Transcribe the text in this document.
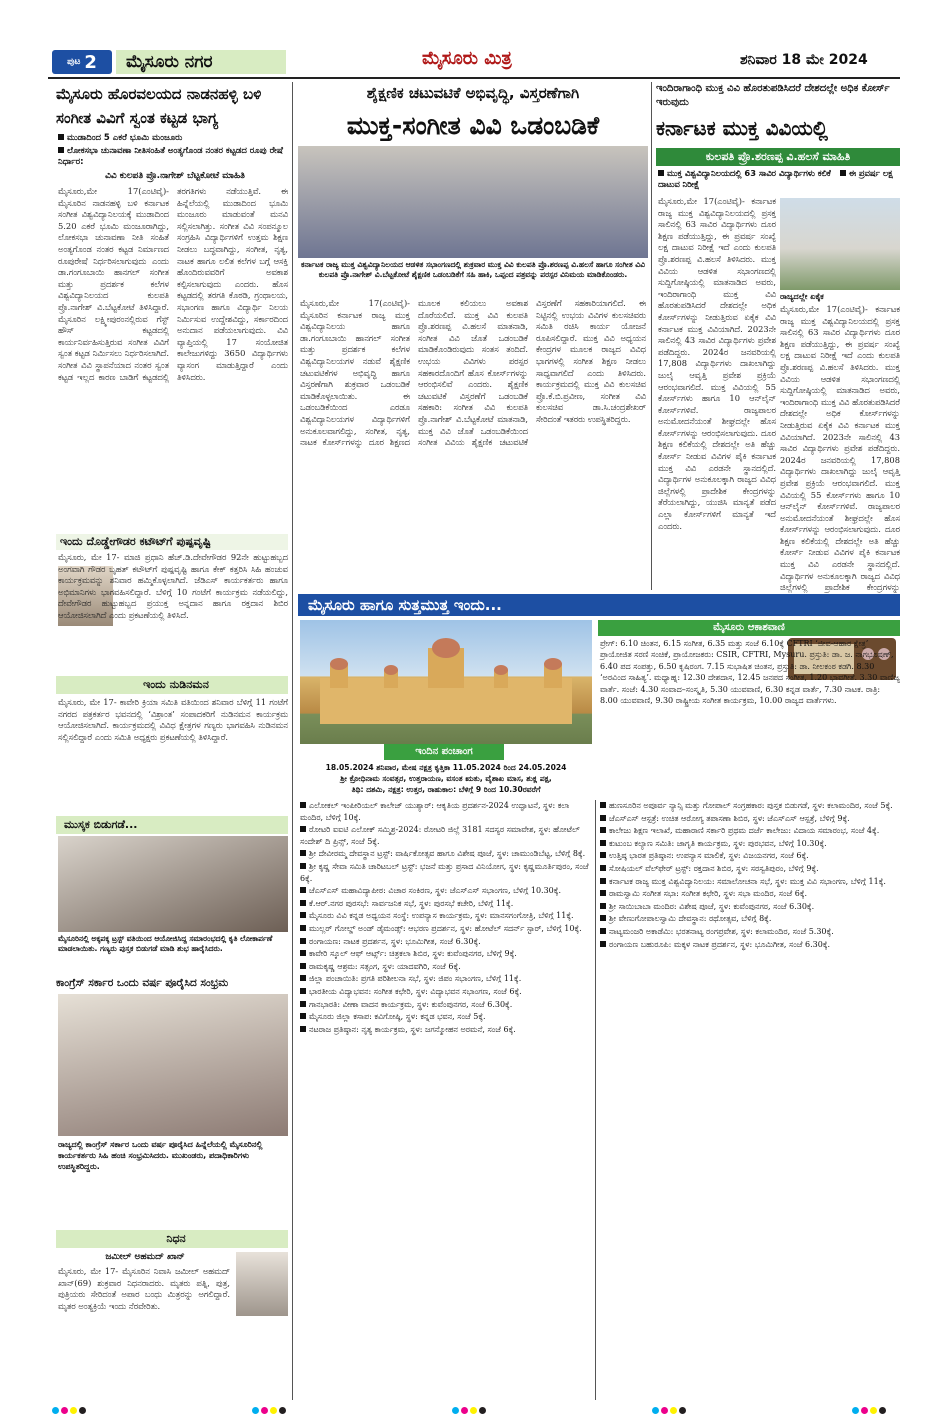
ಪುಟ 2	ಮೈಸೂರು ನಗರ	ಮೈಸೂರು ಮಿತ್ರ	ಶನಿವಾರ 18 ಮೇ 2024
ಮೈಸೂರು ಹೊರವಲಯದ ನಾಡನಹಳ್ಳಿ ಬಳಿ ಸಂಗೀತ ವಿವಿಗೆ ಸ್ವಂತ ಕಟ್ಟಡ ಭಾಗ್ಯ
ಮುಡಾದಿಂದ 5 ಎಕರೆ ಭೂಮಿ ಮಂಜೂರು
ಲೋಕಸಭಾ ಚುನಾವಣಾ ನೀತಿಸಂಹಿತೆ ಅಂತ್ಯಗೊಂಡ ನಂತರ ಕಟ್ಟಡದ ರೂಪು ರೇಷೆ ನಿರ್ಧಾರ:
ವಿವಿ ಕುಲಪತಿ ಪ್ರೊ.ನಾಗೇಶ್ ಬೆಟ್ಟಕೋಟೆ ಮಾಹಿತಿ
ಮೈಸೂರು,ಮೇ 17(ಎಂಟಿವೈ)- ಮೈಸೂರಿನ ನಾಡನಹಳ್ಳಿ ಬಳಿ ಕರ್ನಾಟಕ ಸಂಗೀತ ವಿಶ್ವವಿದ್ಯಾನಿಲಯಕ್ಕೆ ಮುಡಾದಿಂದ 5.20 ಎಕರೆ ಭೂಮಿ ಮಂಜೂರಾಗಿದ್ದು, ಲೋಕಸಭಾ ಚುನಾವಣಾ ನೀತಿ ಸಂಹಿತೆ ಅಂತ್ಯಗೊಂಡ ನಂತರ ಕಟ್ಟಡ ನಿರ್ಮಾಣದ ರೂಪುರೇಷೆ ನಿರ್ಧರಿಸಲಾಗುವುದು ಎಂದು ಡಾ.ಗಂಗೂಬಾಯಿ ಹಾನಗಲ್ ಸಂಗೀತ ಮತ್ತು ಪ್ರದರ್ಶಕ ಕಲೆಗಳ ವಿಶ್ವವಿದ್ಯಾನಿಲಯದ ಕುಲಪತಿ ಪ್ರೊ.ನಾಗೇಶ್ ವಿ.ಬೆಟ್ಟಕೋಟೆ ತಿಳಿಸಿದ್ದಾರೆ. ಮೈಸೂರಿನ ಲಕ್ಷ್ಮೀಪುರಂನಲ್ಲಿರುವ ಗೆಸ್ಟ್ ಹೌಸ್ ಕಟ್ಟಡದಲ್ಲಿ ಕಾರ್ಯನಿರ್ವಹಿಸುತ್ತಿರುವ ಸಂಗೀತ ವಿವಿಗೆ ಸ್ವಂತ ಕಟ್ಟಡ ನಿರ್ಮಿಸಲು ನಿರ್ಧರಿಸಲಾಗಿದೆ. ಸಂಗೀತ ವಿವಿ ಸ್ಥಾಪನೆಯಾದ ನಂತರ ಸ್ವಂತ ಕಟ್ಟಡ ಇಲ್ಲದ ಕಾರಣ ಬಾಡಿಗೆ ಕಟ್ಟಡದಲ್ಲಿ ತರಗತಿಗಳು ನಡೆಯುತ್ತಿವೆ. ಈ ಹಿನ್ನೆಲೆಯಲ್ಲಿ ಮುಡಾದಿಂದ ಭೂಮಿ ಮಂಜೂರು ಮಾಡುವಂತೆ ಮನವಿ ಸಲ್ಲಿಸಲಾಗಿತ್ತು. ಸಂಗೀತ ವಿವಿ ಸಂಪನ್ಮೂಲ ಸಂಗ್ರಹಿಸಿ ವಿದ್ಯಾರ್ಥಿಗಳಿಗೆ ಉತ್ತಮ ಶಿಕ್ಷಣ ನೀಡಲು ಬದ್ಧವಾಗಿದ್ದು, ಸಂಗೀತ, ನೃತ್ಯ, ನಾಟಕ ಹಾಗೂ ಲಲಿತ ಕಲೆಗಳ ಬಗ್ಗೆ ಆಸಕ್ತಿ ಹೊಂದಿರುವವರಿಗೆ ಅವಕಾಶ ಕಲ್ಪಿಸಲಾಗುವುದು ಎಂದರು. ಹೊಸ ಕಟ್ಟಡದಲ್ಲಿ ತರಗತಿ ಕೊಠಡಿ, ಗ್ರಂಥಾಲಯ, ಸಭಾಂಗಣ ಹಾಗೂ ವಿದ್ಯಾರ್ಥಿ ನಿಲಯ ನಿರ್ಮಿಸುವ ಉದ್ದೇಶವಿದ್ದು, ಸರ್ಕಾರದಿಂದ ಅನುದಾನ ಪಡೆಯಲಾಗುವುದು. ವಿವಿ ವ್ಯಾಪ್ತಿಯಲ್ಲಿ 17 ಸಂಯೋಜಿತ ಕಾಲೇಜುಗಳಿದ್ದು 3650 ವಿದ್ಯಾರ್ಥಿಗಳು ವ್ಯಾಸಂಗ ಮಾಡುತ್ತಿದ್ದಾರೆ ಎಂದು ತಿಳಿಸಿದರು.
ಇಂದು ದೊಡ್ಡೇಗೌಡರ ಕಟೌಟ್‍ಗೆ ಪುಷ್ಪವೃಷ್ಟಿ
ಮೈಸೂರು, ಮೇ 17- ಮಾಜಿ ಪ್ರಧಾನಿ ಹೆಚ್.ಡಿ.ದೇವೇಗೌಡರ 92ನೇ ಹುಟ್ಟುಹಬ್ಬದ ಅಂಗವಾಗಿ ಗೌಡರ ಬೃಹತ್ ಕಟೌಟ್‍ಗೆ ಪುಷ್ಪವೃಷ್ಟಿ ಹಾಗೂ ಕೇಕ್ ಕತ್ತರಿಸಿ ಸಿಹಿ ಹಂಚುವ ಕಾರ್ಯಕ್ರಮವನ್ನು ಶನಿವಾರ ಹಮ್ಮಿಕೊಳ್ಳಲಾಗಿದೆ. ಜೆಡಿಎಸ್ ಕಾರ್ಯಕರ್ತರು ಹಾಗೂ ಅಭಿಮಾನಿಗಳು ಭಾಗವಹಿಸಲಿದ್ದಾರೆ. ಬೆಳಿಗ್ಗೆ 10 ಗಂಟೆಗೆ ಕಾರ್ಯಕ್ರಮ ನಡೆಯಲಿದ್ದು, ದೇವೇಗೌಡರ ಹುಟ್ಟುಹಬ್ಬದ ಪ್ರಯುಕ್ತ ಅನ್ನದಾನ ಹಾಗೂ ರಕ್ತದಾನ ಶಿಬಿರ ಆಯೋಜಿಸಲಾಗಿದೆ ಎಂದು ಪ್ರಕಟಣೆಯಲ್ಲಿ ತಿಳಿಸಿದೆ.
ಇಂದು ನುಡಿನಮನ
ಮೈಸೂರು, ಮೇ 17- ಕಾವೇರಿ ಕ್ರಿಯಾ ಸಮಿತಿ ವತಿಯಿಂದ ಶನಿವಾರ ಬೆಳಿಗ್ಗೆ 11 ಗಂಟೆಗೆ ನಗರದ ಪತ್ರಕರ್ತರ ಭವನದಲ್ಲಿ ‘ವಿಶ್ರಾಂತ’ ಸಂಪಾದಕರಿಗೆ ನುಡಿನಮನ ಕಾರ್ಯಕ್ರಮ ಆಯೋಜಿಸಲಾಗಿದೆ. ಕಾರ್ಯಕ್ರಮದಲ್ಲಿ ವಿವಿಧ ಕ್ಷೇತ್ರಗಳ ಗಣ್ಯರು ಭಾಗವಹಿಸಿ ನುಡಿನಮನ ಸಲ್ಲಿಸಲಿದ್ದಾರೆ ಎಂದು ಸಮಿತಿ ಅಧ್ಯಕ್ಷರು ಪ್ರಕಟಣೆಯಲ್ಲಿ ತಿಳಿಸಿದ್ದಾರೆ.
ಮುಸ್ಕಕ ಬಿಡುಗಡೆ...
ಮೈಸೂರಿನಲ್ಲಿ ಅಕ್ಕಪಕ್ಕ ಟ್ರಸ್ಟ್ ವತಿಯಿಂದ ಆಯೋಜಿಸಿದ್ದ ಸಮಾರಂಭದಲ್ಲಿ ಕೃತಿ ಲೋಕಾರ್ಪಣೆ ಮಾಡಲಾಯಿತು. ಗಣ್ಯರು ಪುಸ್ತಕ ಬಿಡುಗಡೆ ಮಾಡಿ ಶುಭ ಹಾರೈಸಿದರು.
ಕಾಂಗ್ರೆಸ್ ಸರ್ಕಾರ ಒಂದು ವರ್ಷ ಪೂರೈಸಿದ ಸಂಭ್ರಮ
ರಾಜ್ಯದಲ್ಲಿ ಕಾಂಗ್ರೆಸ್ ಸರ್ಕಾರ ಒಂದು ವರ್ಷ ಪೂರೈಸಿದ ಹಿನ್ನೆಲೆಯಲ್ಲಿ ಮೈಸೂರಿನಲ್ಲಿ ಕಾರ್ಯಕರ್ತರು ಸಿಹಿ ಹಂಚಿ ಸಂಭ್ರಮಿಸಿದರು. ಮುಖಂಡರು, ಪದಾಧಿಕಾರಿಗಳು ಉಪಸ್ಥಿತರಿದ್ದರು.
ನಿಧನ
ಜಮೀಲ್ ಅಹಮದ್ ಖಾನ್
ಮೈಸೂರು, ಮೇ 17- ಮೈಸೂರಿನ ನಿವಾಸಿ ಜಮೀಲ್ ಅಹಮದ್ ಖಾನ್(69) ಶುಕ್ರವಾರ ನಿಧನರಾದರು. ಮೃತರು ಪತ್ನಿ, ಪುತ್ರ, ಪುತ್ರಿಯರು ಸೇರಿದಂತೆ ಅಪಾರ ಬಂಧು ಮಿತ್ರರನ್ನು ಅಗಲಿದ್ದಾರೆ. ಮೃತರ ಅಂತ್ಯಕ್ರಿಯೆ ಇಂದು ನೆರವೇರಿತು.
ಶೈಕ್ಷಣಿಕ ಚಟುವಟಿಕೆ ಅಭಿವೃದ್ಧಿ, ವಿಸ್ತರಣೆಗಾಗಿ
ಮುಕ್ತ-ಸಂಗೀತ ವಿವಿ ಒಡಂಬಡಿಕೆ
ಕರ್ನಾಟಕ ರಾಜ್ಯ ಮುಕ್ತ ವಿಶ್ವವಿದ್ಯಾನಿಲಯದ ಆಡಳಿತ ಸಭಾಂಗಣದಲ್ಲಿ ಶುಕ್ರವಾರ ಮುಕ್ತ ವಿವಿ ಕುಲಪತಿ ಪ್ರೊ.ಶರಣಪ್ಪ ವಿ.ಹಲಸೆ ಹಾಗೂ ಸಂಗೀತ ವಿವಿ ಕುಲಪತಿ ಪ್ರೊ.ನಾಗೇಶ್ ವಿ.ಬೆಟ್ಟಕೋಟೆ ಶೈಕ್ಷಣಿಕ ಒಡಂಬಡಿಕೆಗೆ ಸಹಿ ಹಾಕಿ, ಒಪ್ಪಂದ ಪತ್ರವನ್ನು ಪರಸ್ಪರ ವಿನಿಮಯ ಮಾಡಿಕೊಂಡರು.
ಮೈಸೂರು,ಮೇ 17(ಎಂಟಿವೈ)- ಮೈಸೂರಿನ ಕರ್ನಾಟಕ ರಾಜ್ಯ ಮುಕ್ತ ವಿಶ್ವವಿದ್ಯಾನಿಲಯ ಹಾಗೂ ಡಾ.ಗಂಗೂಬಾಯಿ ಹಾನಗಲ್ ಸಂಗೀತ ಮತ್ತು ಪ್ರದರ್ಶಕ ಕಲೆಗಳ ವಿಶ್ವವಿದ್ಯಾನಿಲಯಗಳ ನಡುವೆ ಶೈಕ್ಷಣಿಕ ಚಟುವಟಿಕೆಗಳ ಅಭಿವೃದ್ಧಿ ಹಾಗೂ ವಿಸ್ತರಣೆಗಾಗಿ ಶುಕ್ರವಾರ ಒಡಂಬಡಿಕೆ ಮಾಡಿಕೊಳ್ಳಲಾಯಿತು. ಈ ಒಡಂಬಡಿಕೆಯಿಂದ ಎರಡೂ ವಿಶ್ವವಿದ್ಯಾನಿಲಯಗಳ ವಿದ್ಯಾರ್ಥಿಗಳಿಗೆ ಅನುಕೂಲವಾಗಲಿದ್ದು, ಸಂಗೀತ, ನೃತ್ಯ, ನಾಟಕ ಕೋರ್ಸ್‍ಗಳನ್ನು ದೂರ ಶಿಕ್ಷಣದ ಮೂಲಕ ಕಲಿಯಲು ಅವಕಾಶ ದೊರೆಯಲಿದೆ. ಮುಕ್ತ ವಿವಿ ಕುಲಪತಿ ಪ್ರೊ.ಶರಣಪ್ಪ ವಿ.ಹಲಸೆ ಮಾತನಾಡಿ, ಸಂಗೀತ ವಿವಿ ಜೊತೆ ಒಡಂಬಡಿಕೆ ಮಾಡಿಕೊಂಡಿರುವುದು ಸಂತಸ ತಂದಿದೆ. ಉಭಯ ವಿವಿಗಳು ಪರಸ್ಪರ ಸಹಕಾರದೊಂದಿಗೆ ಹೊಸ ಕೋರ್ಸ್‍ಗಳನ್ನು ಆರಂಭಿಸಲಿವೆ ಎಂದರು. ಶೈಕ್ಷಣಿಕ ಚಟುವಟಿಕೆ ವಿಸ್ತರಣೆಗೆ ಒಡಂಬಡಿಕೆ ಸಹಕಾರಿ: ಸಂಗೀತ ವಿವಿ ಕುಲಪತಿ ಪ್ರೊ.ನಾಗೇಶ್ ವಿ.ಬೆಟ್ಟಕೋಟೆ ಮಾತನಾಡಿ, ಮುಕ್ತ ವಿವಿ ಜೊತೆ ಒಡಂಬಡಿಕೆಯಿಂದ ಸಂಗೀತ ವಿವಿಯ ಶೈಕ್ಷಣಿಕ ಚಟುವಟಿಕೆ ವಿಸ್ತರಣೆಗೆ ಸಹಕಾರಿಯಾಗಲಿದೆ. ಈ ನಿಟ್ಟಿನಲ್ಲಿ ಉಭಯ ವಿವಿಗಳ ಕುಲಸಚಿವರು ಸಮಿತಿ ರಚಿಸಿ ಕಾರ್ಯ ಯೋಜನೆ ರೂಪಿಸಲಿದ್ದಾರೆ. ಮುಕ್ತ ವಿವಿ ಅಧ್ಯಯನ ಕೇಂದ್ರಗಳ ಮೂಲಕ ರಾಜ್ಯದ ವಿವಿಧ ಭಾಗಗಳಲ್ಲಿ ಸಂಗೀತ ಶಿಕ್ಷಣ ನೀಡಲು ಸಾಧ್ಯವಾಗಲಿದೆ ಎಂದು ತಿಳಿಸಿದರು. ಕಾರ್ಯಕ್ರಮದಲ್ಲಿ ಮುಕ್ತ ವಿವಿ ಕುಲಸಚಿವ ಪ್ರೊ.ಕೆ.ಬಿ.ಪ್ರವೀಣ, ಸಂಗೀತ ವಿವಿ ಕುಲಸಚಿವ ಡಾ.ಸಿ.ಚಂದ್ರಶೇಖರ್ ಸೇರಿದಂತೆ ಇತರರು ಉಪಸ್ಥಿತರಿದ್ದರು.
ಇಂದಿರಾಗಾಂಧಿ ಮುಕ್ತ ವಿವಿ ಹೊರತುಪಡಿಸಿದರೆ ದೇಶದಲ್ಲೇ ಅಧಿಕ ಕೋರ್ಸ್ ಇರುವುದು
ಕರ್ನಾಟಕ ಮುಕ್ತ ವಿವಿಯಲ್ಲಿ
ಕುಲಪತಿ ಪ್ರೊ.ಶರಣಪ್ಪ ವಿ.ಹಲಸೆ ಮಾಹಿತಿ
ಮುಕ್ತ ವಿಶ್ವವಿದ್ಯಾನಿಲಯದಲ್ಲಿ 63 ಸಾವಿರ ವಿದ್ಯಾರ್ಥಿಗಳು ಕಲಿಕೆ ಈ ಪ್ರವರ್ಷ ಲಕ್ಷ ದಾಟುವ ನಿರೀಕ್ಷೆ
ಮೈಸೂರು,ಮೇ 17(ಎಂಟಿವೈ)- ಕರ್ನಾಟಕ ರಾಜ್ಯ ಮುಕ್ತ ವಿಶ್ವವಿದ್ಯಾನಿಲಯದಲ್ಲಿ ಪ್ರಸಕ್ತ ಸಾಲಿನಲ್ಲಿ 63 ಸಾವಿರ ವಿದ್ಯಾರ್ಥಿಗಳು ದೂರ ಶಿಕ್ಷಣ ಪಡೆಯುತ್ತಿದ್ದು, ಈ ಪ್ರವರ್ಷ ಸಂಖ್ಯೆ ಲಕ್ಷ ದಾಟುವ ನಿರೀಕ್ಷೆ ಇದೆ ಎಂದು ಕುಲಪತಿ ಪ್ರೊ.ಶರಣಪ್ಪ ವಿ.ಹಲಸೆ ತಿಳಿಸಿದರು. ಮುಕ್ತ ವಿವಿಯ ಆಡಳಿತ ಸಭಾಂಗಣದಲ್ಲಿ ಸುದ್ದಿಗೋಷ್ಠಿಯಲ್ಲಿ ಮಾತನಾಡಿದ ಅವರು, ಇಂದಿರಾಗಾಂಧಿ ಮುಕ್ತ ವಿವಿ ಹೊರತುಪಡಿಸಿದರೆ ದೇಶದಲ್ಲೇ ಅಧಿಕ ಕೋರ್ಸ್‍ಗಳನ್ನು ನೀಡುತ್ತಿರುವ ಏಕೈಕ ವಿವಿ ಕರ್ನಾಟಕ ಮುಕ್ತ ವಿವಿಯಾಗಿದೆ. 2023ನೇ ಸಾಲಿನಲ್ಲಿ 43 ಸಾವಿರ ವಿದ್ಯಾರ್ಥಿಗಳು ಪ್ರವೇಶ ಪಡೆದಿದ್ದರು. 2024ರ ಜನವರಿಯಲ್ಲಿ 17,808 ವಿದ್ಯಾರ್ಥಿಗಳು ದಾಖಲಾಗಿದ್ದು ಜುಲೈ ಆವೃತ್ತಿ ಪ್ರವೇಶ ಪ್ರಕ್ರಿಯೆ ಆರಂಭವಾಗಲಿದೆ. ಮುಕ್ತ ವಿವಿಯಲ್ಲಿ 55 ಕೋರ್ಸ್‍ಗಳು ಹಾಗೂ 10 ಆನ್‍ಲೈನ್ ಕೋರ್ಸ್‍ಗಳಿವೆ. ರಾಜ್ಯಪಾಲರ ಅನುಮೋದನೆಯಂತೆ ಶೀಘ್ರದಲ್ಲೇ ಹೊಸ ಕೋರ್ಸ್‍ಗಳನ್ನು ಆರಂಭಿಸಲಾಗುವುದು. ದೂರ ಶಿಕ್ಷಣ ಕಲಿಕೆಯಲ್ಲಿ ದೇಶದಲ್ಲೇ ಅತಿ ಹೆಚ್ಚು ಕೋರ್ಸ್ ನೀಡುವ ವಿವಿಗಳ ಪೈಕಿ ಕರ್ನಾಟಕ ಮುಕ್ತ ವಿವಿ ಎರಡನೇ ಸ್ಥಾನದಲ್ಲಿದೆ. ವಿದ್ಯಾರ್ಥಿಗಳ ಅನುಕೂಲಕ್ಕಾಗಿ ರಾಜ್ಯದ ವಿವಿಧ ಜಿಲ್ಲೆಗಳಲ್ಲಿ ಪ್ರಾದೇಶಿಕ ಕೇಂದ್ರಗಳನ್ನು ತೆರೆಯಲಾಗಿದ್ದು, ಯುಜಿಸಿ ಮಾನ್ಯತೆ ಪಡೆದ ಎಲ್ಲಾ ಕೋರ್ಸ್‍ಗಳಿಗೆ ಮಾನ್ಯತೆ ಇದೆ ಎಂದರು.
ರಾಜ್ಯದಲ್ಲೇ ಏಕೈಕ
ಮೈಸೂರು,ಮೇ 17(ಎಂಟಿವೈ)- ಕರ್ನಾಟಕ ರಾಜ್ಯ ಮುಕ್ತ ವಿಶ್ವವಿದ್ಯಾನಿಲಯದಲ್ಲಿ ಪ್ರಸಕ್ತ ಸಾಲಿನಲ್ಲಿ 63 ಸಾವಿರ ವಿದ್ಯಾರ್ಥಿಗಳು ದೂರ ಶಿಕ್ಷಣ ಪಡೆಯುತ್ತಿದ್ದು, ಈ ಪ್ರವರ್ಷ ಸಂಖ್ಯೆ ಲಕ್ಷ ದಾಟುವ ನಿರೀಕ್ಷೆ ಇದೆ ಎಂದು ಕುಲಪತಿ ಪ್ರೊ.ಶರಣಪ್ಪ ವಿ.ಹಲಸೆ ತಿಳಿಸಿದರು. ಮುಕ್ತ ವಿವಿಯ ಆಡಳಿತ ಸಭಾಂಗಣದಲ್ಲಿ ಸುದ್ದಿಗೋಷ್ಠಿಯಲ್ಲಿ ಮಾತನಾಡಿದ ಅವರು, ಇಂದಿರಾಗಾಂಧಿ ಮುಕ್ತ ವಿವಿ ಹೊರತುಪಡಿಸಿದರೆ ದೇಶದಲ್ಲೇ ಅಧಿಕ ಕೋರ್ಸ್‍ಗಳನ್ನು ನೀಡುತ್ತಿರುವ ಏಕೈಕ ವಿವಿ ಕರ್ನಾಟಕ ಮುಕ್ತ ವಿವಿಯಾಗಿದೆ. 2023ನೇ ಸಾಲಿನಲ್ಲಿ 43 ಸಾವಿರ ವಿದ್ಯಾರ್ಥಿಗಳು ಪ್ರವೇಶ ಪಡೆದಿದ್ದರು. 2024ರ ಜನವರಿಯಲ್ಲಿ 17,808 ವಿದ್ಯಾರ್ಥಿಗಳು ದಾಖಲಾಗಿದ್ದು ಜುಲೈ ಆವೃತ್ತಿ ಪ್ರವೇಶ ಪ್ರಕ್ರಿಯೆ ಆರಂಭವಾಗಲಿದೆ. ಮುಕ್ತ ವಿವಿಯಲ್ಲಿ 55 ಕೋರ್ಸ್‍ಗಳು ಹಾಗೂ 10 ಆನ್‍ಲೈನ್ ಕೋರ್ಸ್‍ಗಳಿವೆ. ರಾಜ್ಯಪಾಲರ ಅನುಮೋದನೆಯಂತೆ ಶೀಘ್ರದಲ್ಲೇ ಹೊಸ ಕೋರ್ಸ್‍ಗಳನ್ನು ಆರಂಭಿಸಲಾಗುವುದು. ದೂರ ಶಿಕ್ಷಣ ಕಲಿಕೆಯಲ್ಲಿ ದೇಶದಲ್ಲೇ ಅತಿ ಹೆಚ್ಚು ಕೋರ್ಸ್ ನೀಡುವ ವಿವಿಗಳ ಪೈಕಿ ಕರ್ನಾಟಕ ಮುಕ್ತ ವಿವಿ ಎರಡನೇ ಸ್ಥಾನದಲ್ಲಿದೆ. ವಿದ್ಯಾರ್ಥಿಗಳ ಅನುಕೂಲಕ್ಕಾಗಿ ರಾಜ್ಯದ ವಿವಿಧ ಜಿಲ್ಲೆಗಳಲ್ಲಿ ಪ್ರಾದೇಶಿಕ ಕೇಂದ್ರಗಳನ್ನು
ಮೈಸೂರು ಹಾಗೂ ಸುತ್ತಮುತ್ತ ಇಂದು...
ಇಂದಿನ ಪಂಚಾಂಗ
18.05.2024 ಶನಿವಾರ, ಮೇಷ ನಕ್ಷತ್ರ ಕೃತ್ತಿಕಾ 11.05.2024 ರಿಂದ 24.05.2024
ಶ್ರೀ ಕ್ರೋಧಿನಾಮ ಸಂವತ್ಸರ, ಉತ್ತರಾಯಣ, ವಸಂತ ಋತು, ವೈಶಾಖ ಮಾಸ, ಶುಕ್ಲ ಪಕ್ಷ,
ತಿಥಿ: ದಶಮಿ, ನಕ್ಷತ್ರ: ಉತ್ತರ, ರಾಹುಕಾಲ: ಬೆಳಿಗ್ಗೆ 9 ರಿಂದ 10.30ರವರೆಗೆ
ಮೈಸೂರು ಆಕಾಶವಾಣಿ
ಪ್ರೇಗ್: 6.10 ಚಿಂತನ, 6.15 ಸಂಗೀತ, 6.35 ಮತ್ತು ಸಂಜೆ 6.10ಕ್ಕೆ CFTRI ‘ಜೀವ-ಆಹಾರ ಕ್ಷೇತ್ರ’ ಪ್ರಾಯೋಜಿತ ಸರಣಿ ಸಂಚಿಕೆ, ಪ್ರಾಯೋಜಕರು: CSIR, CFTRI, Mysuru. ಪ್ರಸ್ತುತಿ: ಡಾ. ಜ. ನಾಗಭೂಷಣ್, 6.40 ಪದ ಸಂಪತ್ತು, 6.50 ಕೃಷಿರಂಗ. 7.15 ಸುಭಾಷಿತ ಚಿಂತನ, ಪ್ರಸ್ತುತಿ: ಡಾ. ನೀಲಕಂಠ ಕಡಗಿ. 8.30 ‘ಅರವಿಂದ ಸಾಹಿತ್ಯ’. ಮಧ್ಯಾಹ್ನ: 12.30 ದೇಶದಾಸ, 12.45 ಜನಪದ ಸಂಗೀತ, 1.20 ಭಾವಗೀತೆ. 3.30 ವಾಣಿಜ್ಯ ವಾರ್ತೆ. ಸಂಜೆ: 4.30 ಸಂವಾದ–ಸಂಸ್ಕೃತಿ, 5.30 ಯುವವಾಣಿ, 6.30 ಕನ್ನಡ ವಾರ್ತೆ, 7.30 ನಾಟಕ. ರಾತ್ರಿ: 8.00 ಯುವವಾಣಿ, 9.30 ರಾಷ್ಟ್ರೀಯ ಸಂಗೀತ ಕಾರ್ಯಕ್ರಮ, 10.00 ರಾಜ್ಯದ ವಾರ್ತೆಗಳು.
ಎಲೋಕಲ್ ಇಂಪೀರಿಯಲ್ ಕಾಲೇಜ್ ಯುಶ್ಯಾರ್: ಆಕೃತಿಯ ಪ್ರದರ್ಶನ-2024 ಉದ್ಘಾಟನೆ, ಸ್ಥಳ: ಕಲಾ ಮಂದಿರ, ಬೆಳಿಗ್ಗೆ 10ಕ್ಕೆ.
ರೋಟರಿ ಐಐಟಿ ಎಲೋಕ್ ಸಮ್ಮಿಶ್ರ-2024: ರೋಟರಿ ಜಿಲ್ಲೆ 3181 ಸದಸ್ಯರ ಸಮಾವೇಶ, ಸ್ಥಳ: ಹೋಟೆಲ್ ಸಂದೇಶ್ ದಿ ಪ್ರಿನ್ಸ್, ಸಂಜೆ 5ಕ್ಕೆ.
ಶ್ರೀ ದೇವೀರಮ್ಮ ದೇವಸ್ಥಾನ ಟ್ರಸ್ಟ್: ವಾರ್ಷಿಕೋತ್ಸವ ಹಾಗೂ ವಿಶೇಷ ಪೂಜೆ, ಸ್ಥಳ: ಚಾಮುಂಡಿಬೆಟ್ಟ, ಬೆಳಿಗ್ಗೆ 8ಕ್ಕೆ.
ಶ್ರೀ ಕೃಷ್ಣ ಸೇವಾ ಸಮಿತಿ ಚಾರಿಟಬಲ್ ಟ್ರಸ್ಟ್: ಭಜನೆ ಮತ್ತು ಪ್ರಸಾದ ವಿನಿಯೋಗ, ಸ್ಥಳ: ಕೃಷ್ಣಮೂರ್ತಿಪುರಂ, ಸಂಜೆ 6ಕ್ಕೆ.
ಜೆಎಸ್‍ಎಸ್ ಮಹಾವಿದ್ಯಾಪೀಠ: ವಿಚಾರ ಸಂಕಿರಣ, ಸ್ಥಳ: ಜೆಎಸ್‍ಎಸ್ ಸಭಾಂಗಣ, ಬೆಳಿಗ್ಗೆ 10.30ಕ್ಕೆ.
ಕೆ.ಆರ್.ನಗರ ಪುರಸಭೆ: ಸಾರ್ವಜನಿಕ ಸಭೆ, ಸ್ಥಳ: ಪುರಸಭೆ ಕಚೇರಿ, ಬೆಳಿಗ್ಗೆ 11ಕ್ಕೆ.
ಮೈಸೂರು ವಿವಿ ಕನ್ನಡ ಅಧ್ಯಯನ ಸಂಸ್ಥೆ: ಉಪನ್ಯಾಸ ಕಾರ್ಯಕ್ರಮ, ಸ್ಥಳ: ಮಾನಸಗಂಗೋತ್ರಿ, ಬೆಳಿಗ್ಗೆ 11ಕ್ಕೆ.
ಮುಲ್ಲರ್ ಗೋಲ್ಡ್ ಅಂಡ್ ಡೈಮಂಡ್ಸ್: ಆಭರಣ ಪ್ರದರ್ಶನ, ಸ್ಥಳ: ಹೋಟೆಲ್ ಸದರ್ನ್ ಸ್ಟಾರ್, ಬೆಳಿಗ್ಗೆ 10ಕ್ಕೆ.
ರಂಗಾಯಣ: ನಾಟಕ ಪ್ರದರ್ಶನ, ಸ್ಥಳ: ಭೂಮಿಗೀತ, ಸಂಜೆ 6.30ಕ್ಕೆ.
ಕಾವೇರಿ ಸ್ಕೂಲ್ ಆಫ್ ಆರ್ಟ್ಸ್: ಚಿತ್ರಕಲಾ ಶಿಬಿರ, ಸ್ಥಳ: ಕುವೆಂಪುನಗರ, ಬೆಳಿಗ್ಗೆ 9ಕ್ಕೆ.
ರಾಮಕೃಷ್ಣ ಆಶ್ರಮ: ಸತ್ಸಂಗ, ಸ್ಥಳ: ಯಾದವಗಿರಿ, ಸಂಜೆ 6ಕ್ಕೆ.
ಜಿಲ್ಲಾ ಪಂಚಾಯಿತಿ: ಪ್ರಗತಿ ಪರಿಶೀಲನಾ ಸಭೆ, ಸ್ಥಳ: ಜಿಪಂ ಸಭಾಂಗಣ, ಬೆಳಿಗ್ಗೆ 11ಕ್ಕೆ.
ಭಾರತೀಯ ವಿದ್ಯಾಭವನ: ಸಂಗೀತ ಕಛೇರಿ, ಸ್ಥಳ: ವಿದ್ಯಾಭವನ ಸಭಾಂಗಣ, ಸಂಜೆ 6ಕ್ಕೆ.
ಗಾನಭಾರತಿ: ವೀಣಾ ವಾದನ ಕಾರ್ಯಕ್ರಮ, ಸ್ಥಳ: ಕುವೆಂಪುನಗರ, ಸಂಜೆ 6.30ಕ್ಕೆ.
ಮೈಸೂರು ಜಿಲ್ಲಾ ಕಸಾಪ: ಕವಿಗೋಷ್ಠಿ, ಸ್ಥಳ: ಕನ್ನಡ ಭವನ, ಸಂಜೆ 5ಕ್ಕೆ.
ನಟರಾಜ ಪ್ರತಿಷ್ಠಾನ: ನೃತ್ಯ ಕಾರ್ಯಕ್ರಮ, ಸ್ಥಳ: ಜಗನ್ಮೋಹನ ಅರಮನೆ, ಸಂಜೆ 6ಕ್ಕೆ.
ಹುಣಸೂರಿನ ಅಪೂರ್ವ ನ್ಯಾನ್ಸಿ ಮತ್ತು ಗೋಪಾಲ್ ಸಂಗ್ರಹಕಾರ: ಪುಸ್ತಕ ಬಿಡುಗಡೆ, ಸ್ಥಳ: ಕಲಾಮಂದಿರ, ಸಂಜೆ 5ಕ್ಕೆ.
ಜೆಎಸ್‍ಎಸ್ ಆಸ್ಪತ್ರೆ: ಉಚಿತ ಆರೋಗ್ಯ ತಪಾಸಣಾ ಶಿಬಿರ, ಸ್ಥಳ: ಜೆಎಸ್‍ಎಸ್ ಆಸ್ಪತ್ರೆ, ಬೆಳಿಗ್ಗೆ 9ಕ್ಕೆ.
ಕಾಲೇಜು ಶಿಕ್ಷಣ ಇಲಾಖೆ, ಮಹಾರಾಣಿ ಸರ್ಕಾರಿ ಪ್ರಥಮ ದರ್ಜೆ ಕಾಲೇಜು: ವಿದಾಯ ಸಮಾರಂಭ, ಸಂಜೆ 4ಕ್ಕೆ.
ಕುಟುಂಬ ಕಲ್ಯಾಣ ಸಮಿತಿ: ಜಾಗೃತಿ ಕಾರ್ಯಕ್ರಮ, ಸ್ಥಳ: ಪುರಭವನ, ಬೆಳಿಗ್ಗೆ 10.30ಕ್ಕೆ.
ಉತ್ತಿಷ್ಠ ಭಾರತ ಪ್ರತಿಷ್ಠಾನ: ಉಪನ್ಯಾಸ ಮಾಲಿಕೆ, ಸ್ಥಳ: ವಿಜಯನಗರ, ಸಂಜೆ 6ಕ್ಕೆ.
ಸೋಷಿಯಲ್ ವೆಲ್‍ಫೇರ್ ಟ್ರಸ್ಟ್: ರಕ್ತದಾನ ಶಿಬಿರ, ಸ್ಥಳ: ಸರಸ್ವತಿಪುರಂ, ಬೆಳಿಗ್ಗೆ 9ಕ್ಕೆ.
ಕರ್ನಾಟಕ ರಾಜ್ಯ ಮುಕ್ತ ವಿಶ್ವವಿದ್ಯಾನಿಲಯ: ಸಮಾಲೋಚನಾ ಸಭೆ, ಸ್ಥಳ: ಮುಕ್ತ ವಿವಿ ಸಭಾಂಗಣ, ಬೆಳಿಗ್ಗೆ 11ಕ್ಕೆ.
ರಾಮಸ್ವಾಮಿ ಸಂಗೀತ ಸಭಾ: ಸಂಗೀತ ಕಛೇರಿ, ಸ್ಥಳ: ಸಭಾ ಮಂದಿರ, ಸಂಜೆ 6ಕ್ಕೆ.
ಶ್ರೀ ಸಾಯಿಬಾಬಾ ಮಂದಿರ: ವಿಶೇಷ ಪೂಜೆ, ಸ್ಥಳ: ಕುವೆಂಪುನಗರ, ಸಂಜೆ 6.30ಕ್ಕೆ.
ಶ್ರೀ ವೇಣುಗೋಪಾಲಸ್ವಾಮಿ ದೇವಸ್ಥಾನ: ರಥೋತ್ಸವ, ಬೆಳಿಗ್ಗೆ 8ಕ್ಕೆ.
ನಾಟ್ಯಮಂಜರಿ ಅಕಾಡೆಮಿ: ಭರತನಾಟ್ಯ ರಂಗಪ್ರವೇಶ, ಸ್ಥಳ: ಕಲಾಮಂದಿರ, ಸಂಜೆ 5.30ಕ್ಕೆ.
ರಂಗಾಯಣ ಬಹುರೂಪಿ: ಮಕ್ಕಳ ನಾಟಕ ಪ್ರದರ್ಶನ, ಸ್ಥಳ: ಭೂಮಿಗೀತ, ಸಂಜೆ 6.30ಕ್ಕೆ.
